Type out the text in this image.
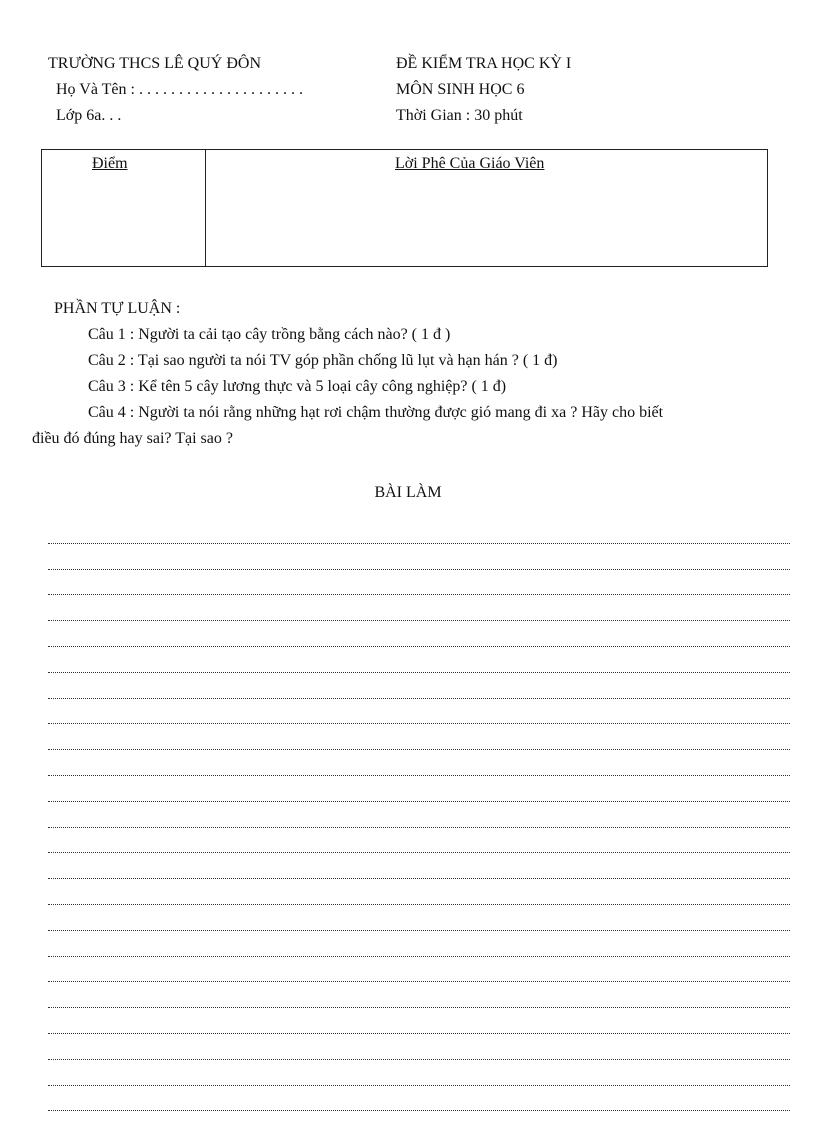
TRƯỜNG THCS LÊ QUÝ ĐÔN
Họ Và Tên : . . . . . . . . . . . . . . . . . . . . .
Lớp 6a. . .
ĐỀ KIỂM TRA HỌC KỲ I
MÔN SINH HỌC 6
Thời Gian : 30 phút
Điểm	Lời Phê Của Giáo Viên
PHẦN TỰ LUẬN :
Câu 1 : Người ta cải tạo cây trồng bằng cách nào? ( 1 đ )
Câu 2 : Tại sao người ta nói TV góp phần chống lũ lụt và hạn hán ? ( 1 đ)
Câu 3 : Kể tên 5 cây lương thực và 5 loại cây công nghiệp? ( 1 đ)
Câu 4 : Người ta nói rằng những hạt rơi chậm thường được gió mang đi xa ? Hãy cho biết
điều đó đúng hay sai? Tại sao ?
BÀI LÀM
